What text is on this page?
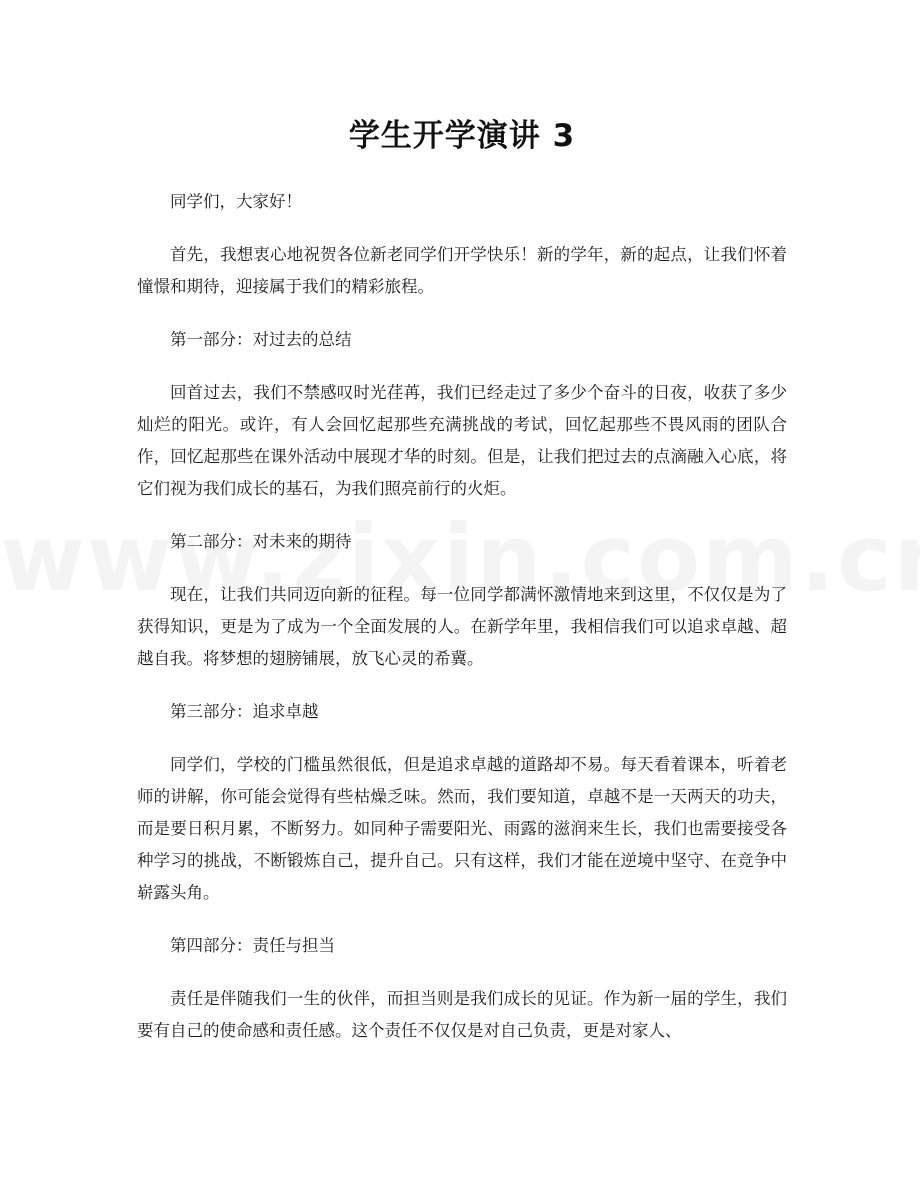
学生开学演讲 3

同学们，大家好！

首先，我想衷心地祝贺各位新老同学们开学快乐！新的学年，新的起点，让我们怀着憧憬和期待，迎接属于我们的精彩旅程。

第一部分：对过去的总结

回首过去，我们不禁感叹时光荏苒，我们已经走过了多少个奋斗的日夜，收获了多少灿烂的阳光。或许，有人会回忆起那些充满挑战的考试，回忆起那些不畏风雨的团队合作，回忆起那些在课外活动中展现才华的时刻。但是，让我们把过去的点滴融入心底，将它们视为我们成长的基石，为我们照亮前行的火炬。

第二部分：对未来的期待

现在，让我们共同迈向新的征程。每一位同学都满怀激情地来到这里，不仅仅是为了获得知识，更是为了成为一个全面发展的人。在新学年里，我相信我们可以追求卓越、超越自我。将梦想的翅膀铺展，放飞心灵的希冀。

第三部分：追求卓越

同学们，学校的门槛虽然很低，但是追求卓越的道路却不易。每天看着课本，听着老师的讲解，你可能会觉得有些枯燥乏味。然而，我们要知道，卓越不是一天两天的功夫，而是要日积月累，不断努力。如同种子需要阳光、雨露的滋润来生长，我们也需要接受各种学习的挑战，不断锻炼自己，提升自己。只有这样，我们才能在逆境中坚守、在竞争中崭露头角。

第四部分：责任与担当

责任是伴随我们一生的伙伴，而担当则是我们成长的见证。作为新一届的学生，我们要有自己的使命感和责任感。这个责任不仅仅是对自己负责，更是对家人、
